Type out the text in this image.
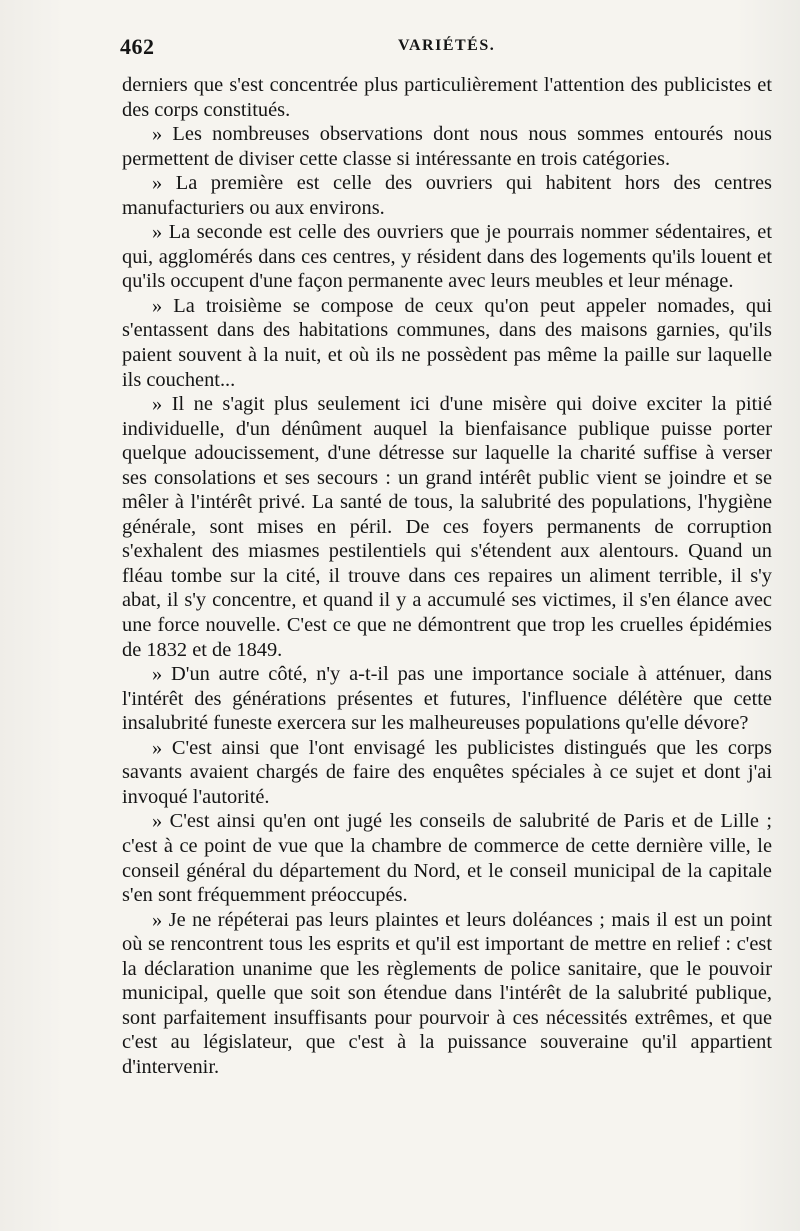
462	VARIÉTÉS.

derniers que s'est concentrée plus particulièrement l'attention des publicistes et des corps constitués.

» Les nombreuses observations dont nous nous sommes entourés nous permettent de diviser cette classe si intéressante en trois catégories.

» La première est celle des ouvriers qui habitent hors des centres manufacturiers ou aux environs.

» La seconde est celle des ouvriers que je pourrais nommer sédentaires, et qui, agglomérés dans ces centres, y résident dans des logements qu'ils louent et qu'ils occupent d'une façon permanente avec leurs meubles et leur ménage.

» La troisième se compose de ceux qu'on peut appeler nomades, qui s'entassent dans des habitations communes, dans des maisons garnies, qu'ils paient souvent à la nuit, et où ils ne possèdent pas même la paille sur laquelle ils couchent...

» Il ne s'agit plus seulement ici d'une misère qui doive exciter la pitié individuelle, d'un dénûment auquel la bienfaisance publique puisse porter quelque adoucissement, d'une détresse sur laquelle la charité suffise à verser ses consolations et ses secours : un grand intérêt public vient se joindre et se mêler à l'intérêt privé. La santé de tous, la salubrité des populations, l'hygiène générale, sont mises en péril. De ces foyers permanents de corruption s'exhalent des miasmes pestilentiels qui s'étendent aux alentours. Quand un fléau tombe sur la cité, il trouve dans ces repaires un aliment terrible, il s'y abat, il s'y concentre, et quand il y a accumulé ses victimes, il s'en élance avec une force nouvelle. C'est ce que ne démontrent que trop les cruelles épidémies de 1832 et de 1849.

» D'un autre côté, n'y a-t-il pas une importance sociale à atténuer, dans l'intérêt des générations présentes et futures, l'influence délétère que cette insalubrité funeste exercera sur les malheureuses populations qu'elle dévore?

» C'est ainsi que l'ont envisagé les publicistes distingués que les corps savants avaient chargés de faire des enquêtes spéciales à ce sujet et dont j'ai invoqué l'autorité.

» C'est ainsi qu'en ont jugé les conseils de salubrité de Paris et de Lille ; c'est à ce point de vue que la chambre de commerce de cette dernière ville, le conseil général du département du Nord, et le conseil municipal de la capitale s'en sont fréquemment préoccupés.

» Je ne répéterai pas leurs plaintes et leurs doléances ; mais il est un point où se rencontrent tous les esprits et qu'il est important de mettre en relief : c'est la déclaration unanime que les règlements de police sanitaire, que le pouvoir municipal, quelle que soit son étendue dans l'intérêt de la salubrité publique, sont parfaitement insuffisants pour pourvoir à ces nécessités extrêmes, et que c'est au législateur, que c'est à la puissance souveraine qu'il appartient d'intervenir.
